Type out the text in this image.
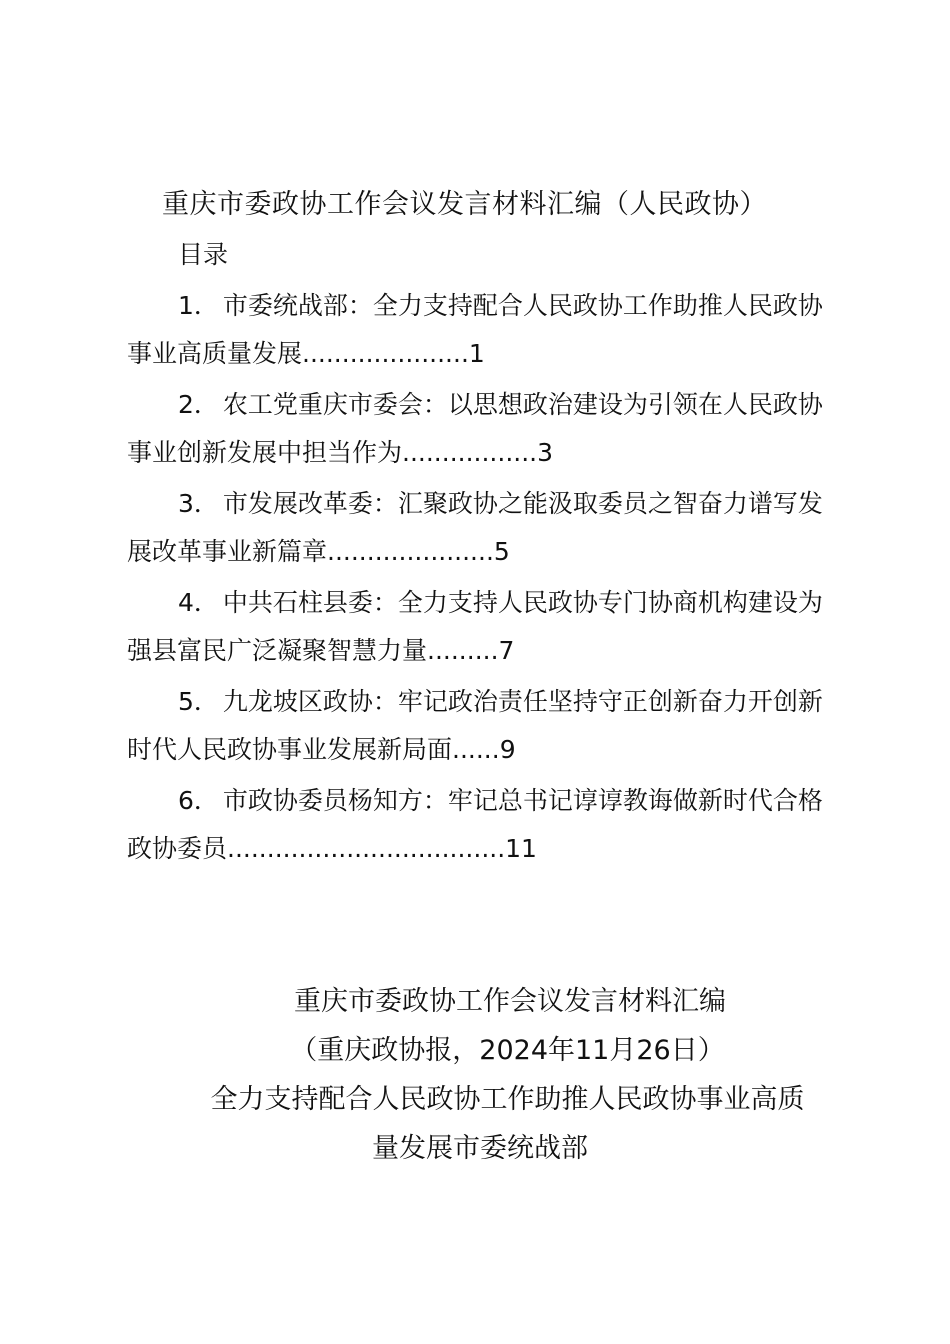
重庆市委政协工作会议发言材料汇编（人民政协）
目录
1． 市委统战部：全力支持配合人民政协工作助推人民政协
事业高质量发展.....................1
2． 农工党重庆市委会：以思想政治建设为引领在人民政协
事业创新发展中担当作为.................3
3． 市发展改革委：汇聚政协之能汲取委员之智奋力谱写发
展改革事业新篇章.....................5
4． 中共石柱县委：全力支持人民政协专门协商机构建设为
强县富民广泛凝聚智慧力量.........7
5． 九龙坡区政协：牢记政治责任坚持守正创新奋力开创新
时代人民政协事业发展新局面......9
6． 市政协委员杨知方：牢记总书记谆谆教诲做新时代合格
政协委员...................................11
重庆市委政协工作会议发言材料汇编
（重庆政协报，2024年11月26日）
全力支持配合人民政协工作助推人民政协事业高质
量发展市委统战部
